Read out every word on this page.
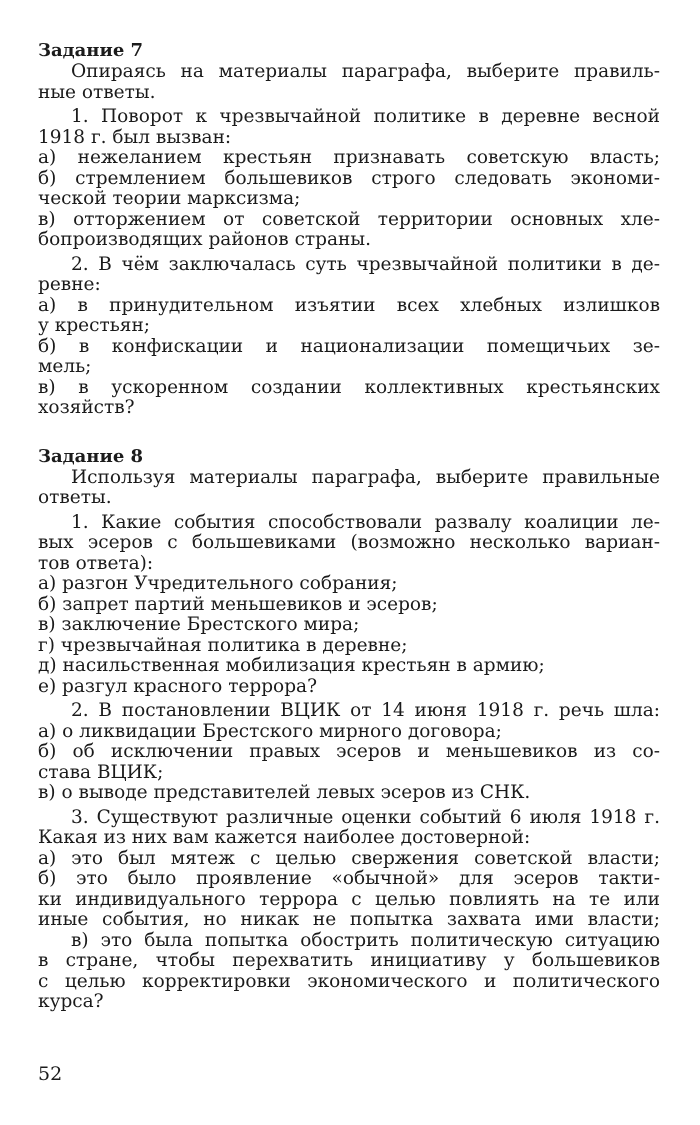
Задание 7
Опираясь на материалы параграфа, выберите правиль-
ные ответы.
1. Поворот к чрезвычайной политике в деревне весной
1918 г. был вызван:
а) нежеланием крестьян признавать советскую власть;
б) стремлением большевиков строго следовать экономи-
ческой теории марксизма;
в) отторжением от советской территории основных хле-
бопроизводящих районов страны.
2. В чём заключалась суть чрезвычайной политики в де-
ревне:
а) в принудительном изъятии всех хлебных излишков
у крестьян;
б) в конфискации и национализации помещичьих зе-
мель;
в) в ускоренном создании коллективных крестьянских
хозяйств?
Задание 8
Используя материалы параграфа, выберите правильные
ответы.
1. Какие события способствовали развалу коалиции ле-
вых эсеров с большевиками (возможно несколько вариан-
тов ответа):
а) разгон Учредительного собрания;
б) запрет партий меньшевиков и эсеров;
в) заключение Брестского мира;
г) чрезвычайная политика в деревне;
д) насильственная мобилизация крестьян в армию;
е) разгул красного террора?
2. В постановлении ВЦИК от 14 июня 1918 г. речь шла:
а) о ликвидации Брестского мирного договора;
б) об исключении правых эсеров и меньшевиков из со-
става ВЦИК;
в) о выводе представителей левых эсеров из СНК.
3. Существуют различные оценки событий 6 июля 1918 г.
Какая из них вам кажется наиболее достоверной:
а) это был мятеж с целью свержения советской власти;
б) это было проявление «обычной» для эсеров такти-
ки индивидуального террора с целью повлиять на те или
иные события, но никак не попытка захвата ими власти;
в) это была попытка обострить политическую ситуацию
в стране, чтобы перехватить инициативу у большевиков
с целью корректировки экономического и политического
курса?
52
